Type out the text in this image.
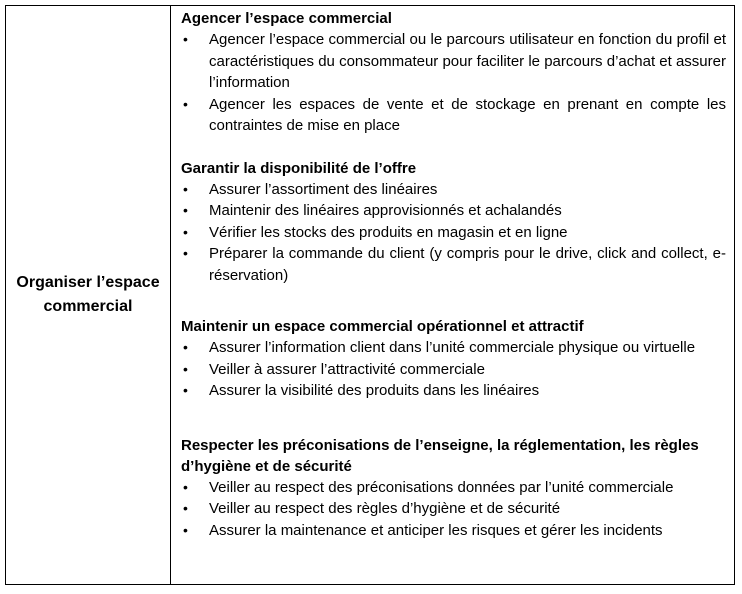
Organiser l’espace commercial

Agencer l’espace commercial

• Agencer l’espace commercial ou le parcours utilisateur en fonction du profil et caractéristiques du consommateur pour faciliter le parcours d’achat et assurer l’information
• Agencer les espaces de vente et de stockage en prenant en compte les contraintes de mise en place

Garantir la disponibilité de l’offre

• Assurer l’assortiment des linéaires
• Maintenir des linéaires approvisionnés et achalandés
• Vérifier les stocks des produits en magasin et en ligne
• Préparer la commande du client (y compris pour le drive, click and collect, e-réservation)

Maintenir un espace commercial opérationnel et attractif

• Assurer l’information client dans l’unité commerciale physique ou virtuelle
• Veiller à assurer l’attractivité commerciale
• Assurer la visibilité des produits dans les linéaires

Respecter les préconisations de l’enseigne, la réglementation, les règles d’hygiène et de sécurité

• Veiller au respect des préconisations données par l’unité commerciale
• Veiller au respect des règles d’hygiène et de sécurité
• Assurer la maintenance et anticiper les risques et gérer les incidents
